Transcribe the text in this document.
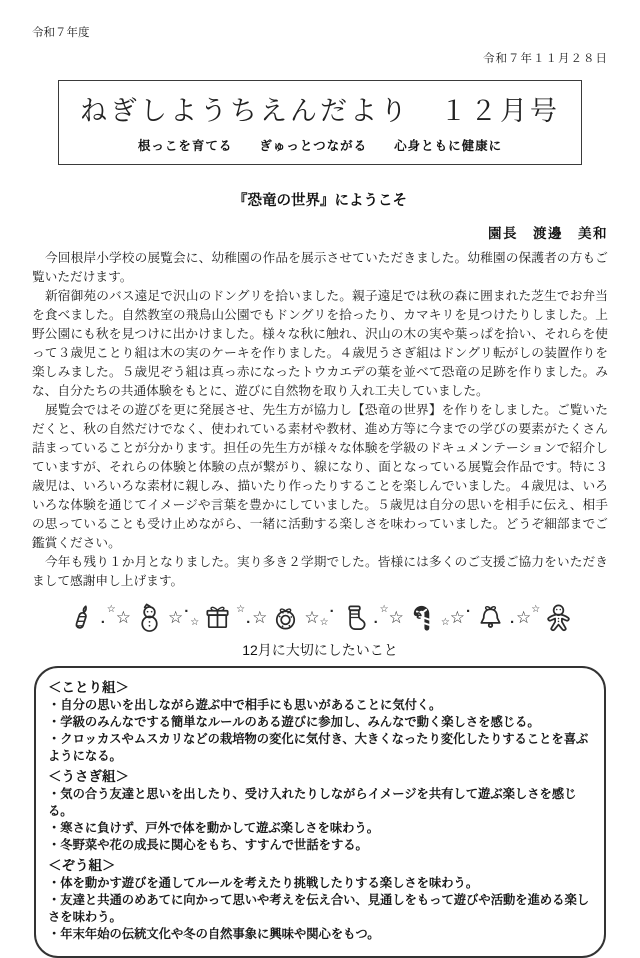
令和７年度
令和７年１１月２８日
ねぎしようちえんだより　１２月号
根っこを育てる　　ぎゅっとつながる　　心身ともに健康に
『恐竜の世界』にようこそ
園長　渡邊　美和

今回根岸小学校の展覧会に、幼稚園の作品を展示させていただきました。幼稚園の保護者の方もご覧いただけます。

新宿御苑のバス遠足で沢山のドングリを拾いました。親子遠足では秋の森に囲まれた芝生でお弁当を食べました。自然教室の飛鳥山公園でもドングリを拾ったり、カマキリを見つけたりしました。上野公園にも秋を見つけに出かけました。様々な秋に触れ、沢山の木の実や葉っぱを拾い、それらを使って３歳児ことり組は木の実のケーキを作りました。４歳児うさぎ組はドングリ転がしの装置作りを楽しみました。５歳児ぞう組は真っ赤になったトウカエデの葉を並べて恐竜の足跡を作りました。みな、自分たちの共通体験をもとに、遊びに自然物を取り入れ工夫していました。

展覧会ではその遊びを更に発展させ、先生方が協力し【恐竜の世界】を作りをしました。ご覧いただくと、秋の自然だけでなく、使われている素材や教材、進め方等に今までの学びの要素がたくさん詰まっていることが分かります。担任の先生方が様々な体験を学級のドキュメンテーションで紹介していますが、それらの体験と体験の点が繋がり、線になり、面となっている展覧会作品です。特に３歳児は、いろいろな素材に親しみ、描いたり作ったりすることを楽しんでいました。４歳児は、いろいろな体験を通じてイメージや言葉を豊かにしていました。５歳児は自分の思いを相手に伝え、相手の思っていることも受け止めながら、一緒に活動する楽しさを味わっていました。どうぞ細部までご鑑賞ください。

今年も残り１か月となりました。実り多き２学期でした。皆様には多くのご支援ご協力をいただきまして感謝申し上げます。

·
☆ ☆ ☆ ·
☆
☆
· ☆ ☆ ☆
·
·
☆ ☆	☆ ☆ ·
· ☆ ☆
12月に大切にしたいこと
＜ことり組＞
・自分の思いを出しながら遊ぶ中で相手にも思いがあることに気付く。
・学級のみんなでする簡単なルールのある遊びに参加し、みんなで動く楽しさを感じる。
・クロッカスやムスカリなどの栽培物の変化に気付き、大きくなったり変化したりすることを喜ぶようになる。
＜うさぎ組＞
・気の合う友達と思いを出したり、受け入れたりしながらイメージを共有して遊ぶ楽しさを感じる。
・寒さに負けず、戸外で体を動かして遊ぶ楽しさを味わう。
・冬野菜や花の成長に関心をもち、すすんで世話をする。
＜ぞう組＞
・体を動かす遊びを通してルールを考えたり挑戦したりする楽しさを味わう。
・友達と共通のめあてに向かって思いや考えを伝え合い、見通しをもって遊びや活動を進める楽しさを味わう。
・年末年始の伝統文化や冬の自然事象に興味や関心をもつ。
